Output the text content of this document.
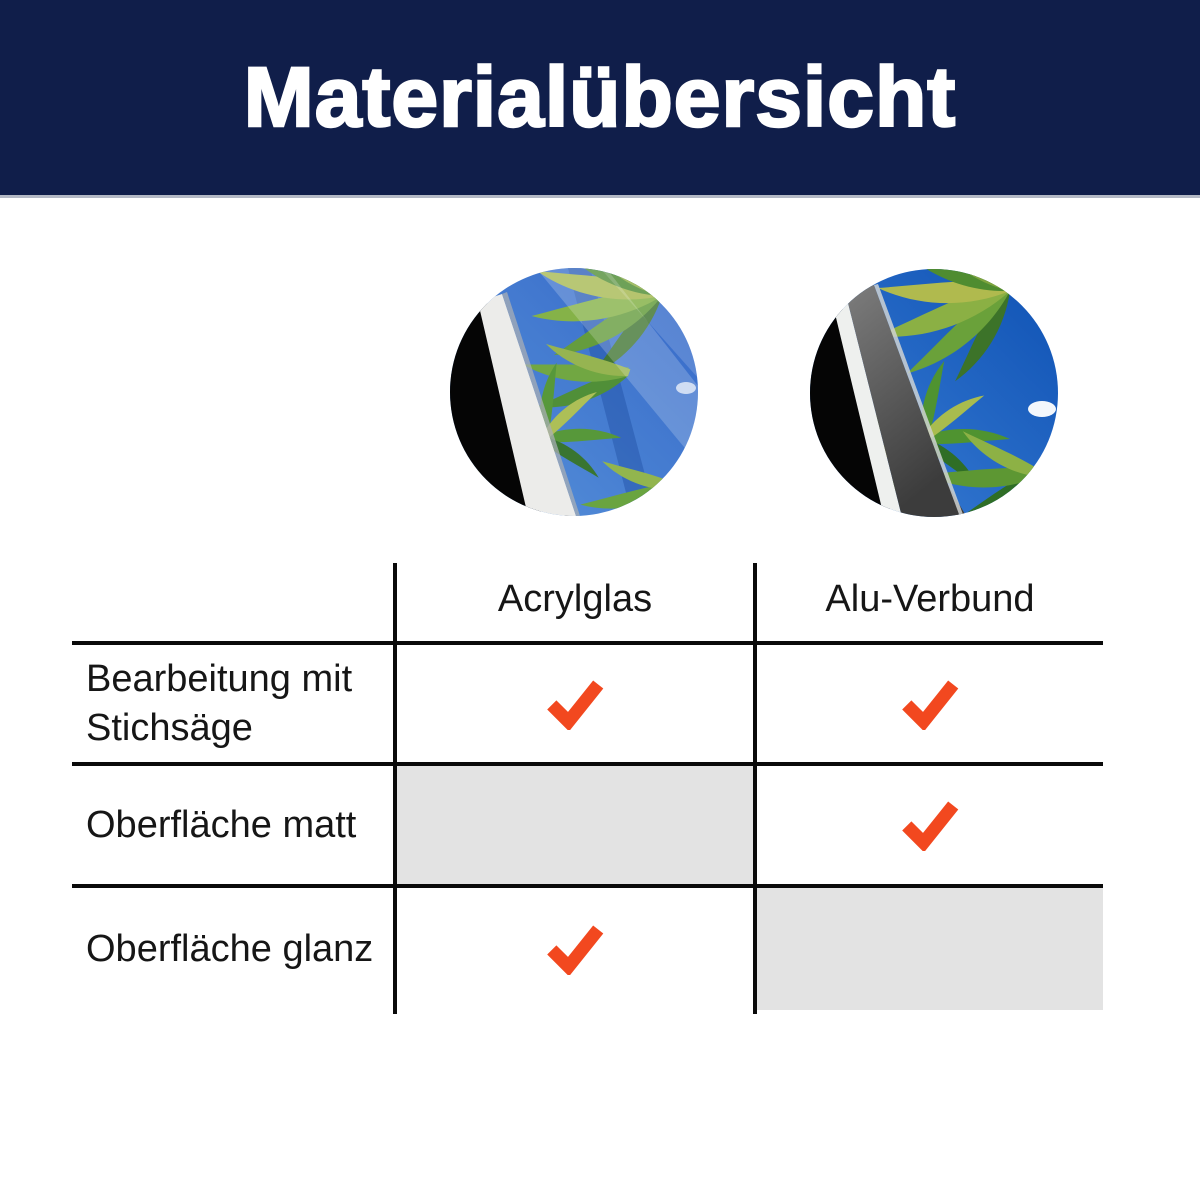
Materialübersicht
Acrylglas	Alu-Verbund
Bearbeitung mit Stichsäge
Oberfläche matt
Oberfläche glanz
